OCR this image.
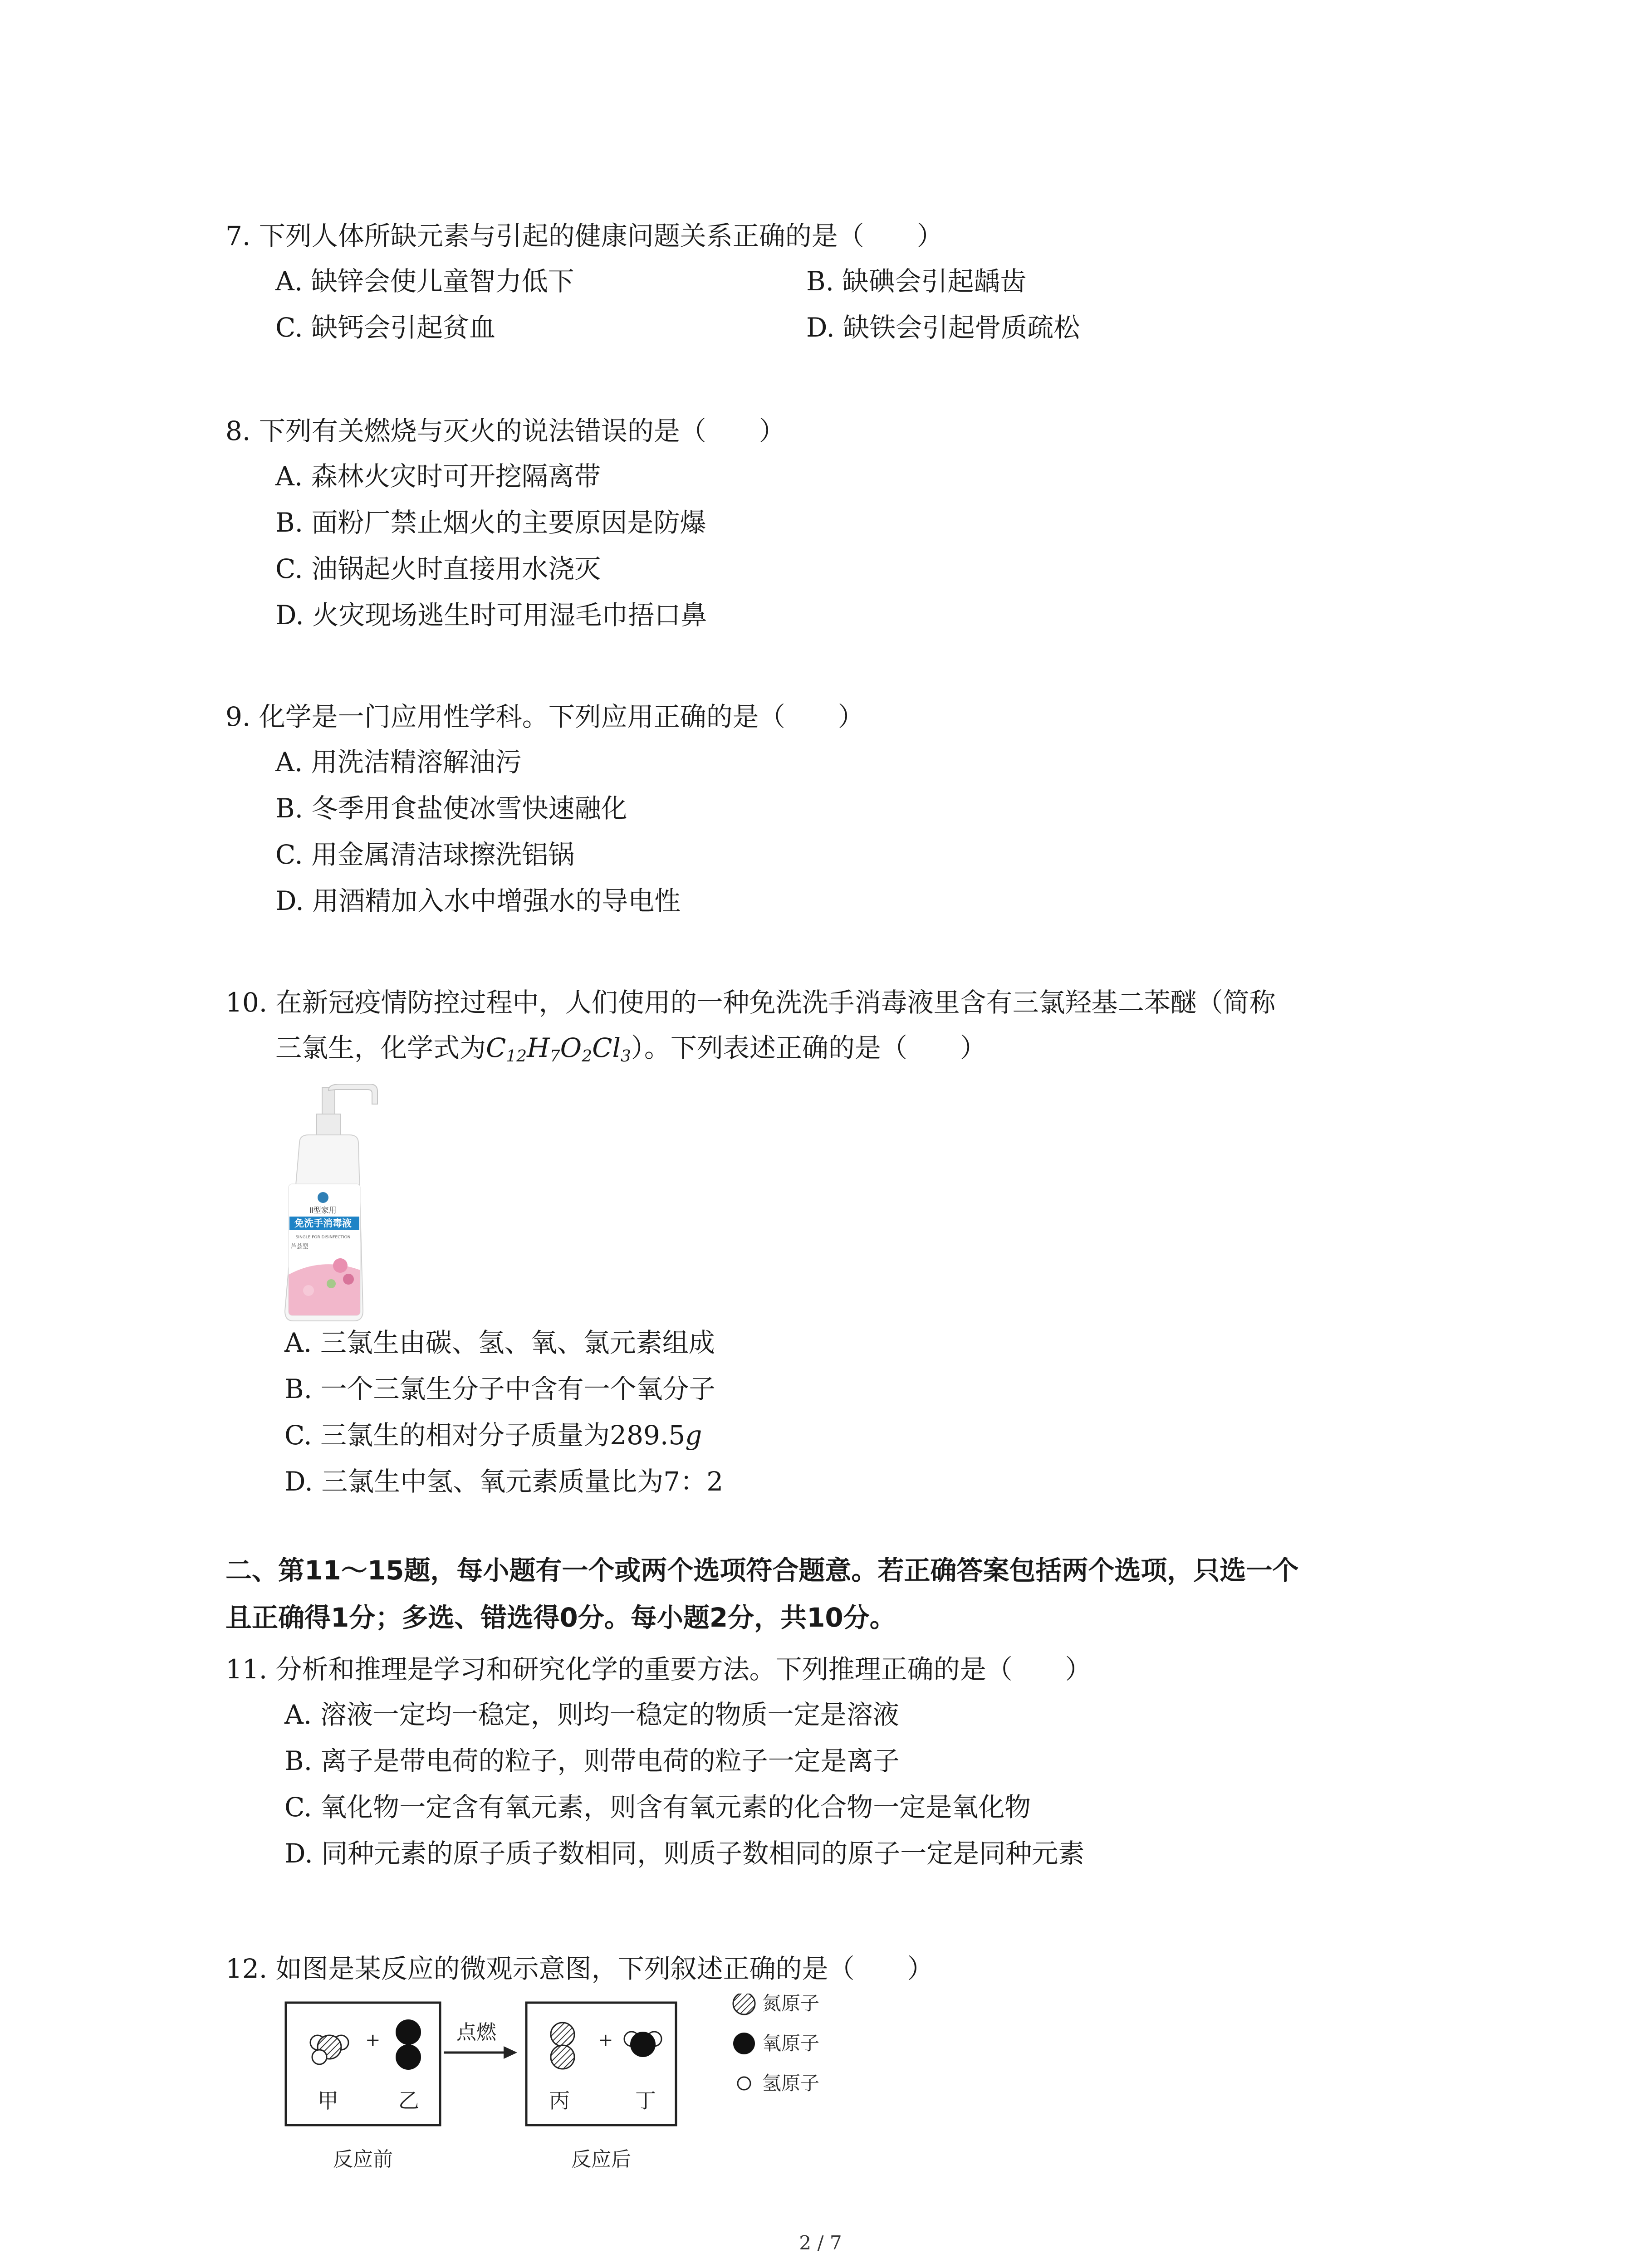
7. 下列人体所缺元素与引起的健康问题关系正确的是（　　）
A. 缺锌会使儿童智力低下	B. 缺碘会引起龋齿
C. 缺钙会引起贫血	D. 缺铁会引起骨质疏松
8. 下列有关燃烧与灭火的说法错误的是（　　）
A. 森林火灾时可开挖隔离带
B. 面粉厂禁止烟火的主要原因是防爆
C. 油锅起火时直接用水浇灭
D. 火灾现场逃生时可用湿毛巾捂口鼻
9. 化学是一门应用性学科。下列应用正确的是（　　）
A. 用洗洁精溶解油污
B. 冬季用食盐使冰雪快速融化
C. 用金属清洁球擦洗铝锅
D. 用酒精加入水中增强水的导电性
10. 在新冠疫情防控过程中，人们使用的一种免洗洗手消毒液里含有三氯羟基二苯醚（简称
三氯生，化学式为$C_{12}H_7O_2Cl_3$）。下列表述正确的是（　　）
Ⅱ型家用
免洗手消毒液
SINGLE FOR DISINFECTION
芦荟型
A. 三氯生由碳、氢、氧、氯元素组成
B. 一个三氯生分子中含有一个氧分子
C. 三氯生的相对分子质量为289.5g
D. 三氯生中氢、氧元素质量比为7：2
二、第11～15题，每小题有一个或两个选项符合题意。若正确答案包括两个选项，只选一个
且正确得1分；多选、错选得0分。每小题2分，共10分。
11. 分析和推理是学习和研究化学的重要方法。下列推理正确的是（　　）
A. 溶液一定均一稳定，则均一稳定的物质一定是溶液
B. 离子是带电荷的粒子，则带电荷的粒子一定是离子
C. 氧化物一定含有氧元素，则含有氧元素的化合物一定是氧化物
D. 同种元素的原子质子数相同，则质子数相同的原子一定是同种元素
12. 如图是某反应的微观示意图，下列叙述正确的是（　　）
+
甲	乙
点燃	+
丙	丁
反应前	反应后
氮原子
氧原子
氢原子
2 / 7
